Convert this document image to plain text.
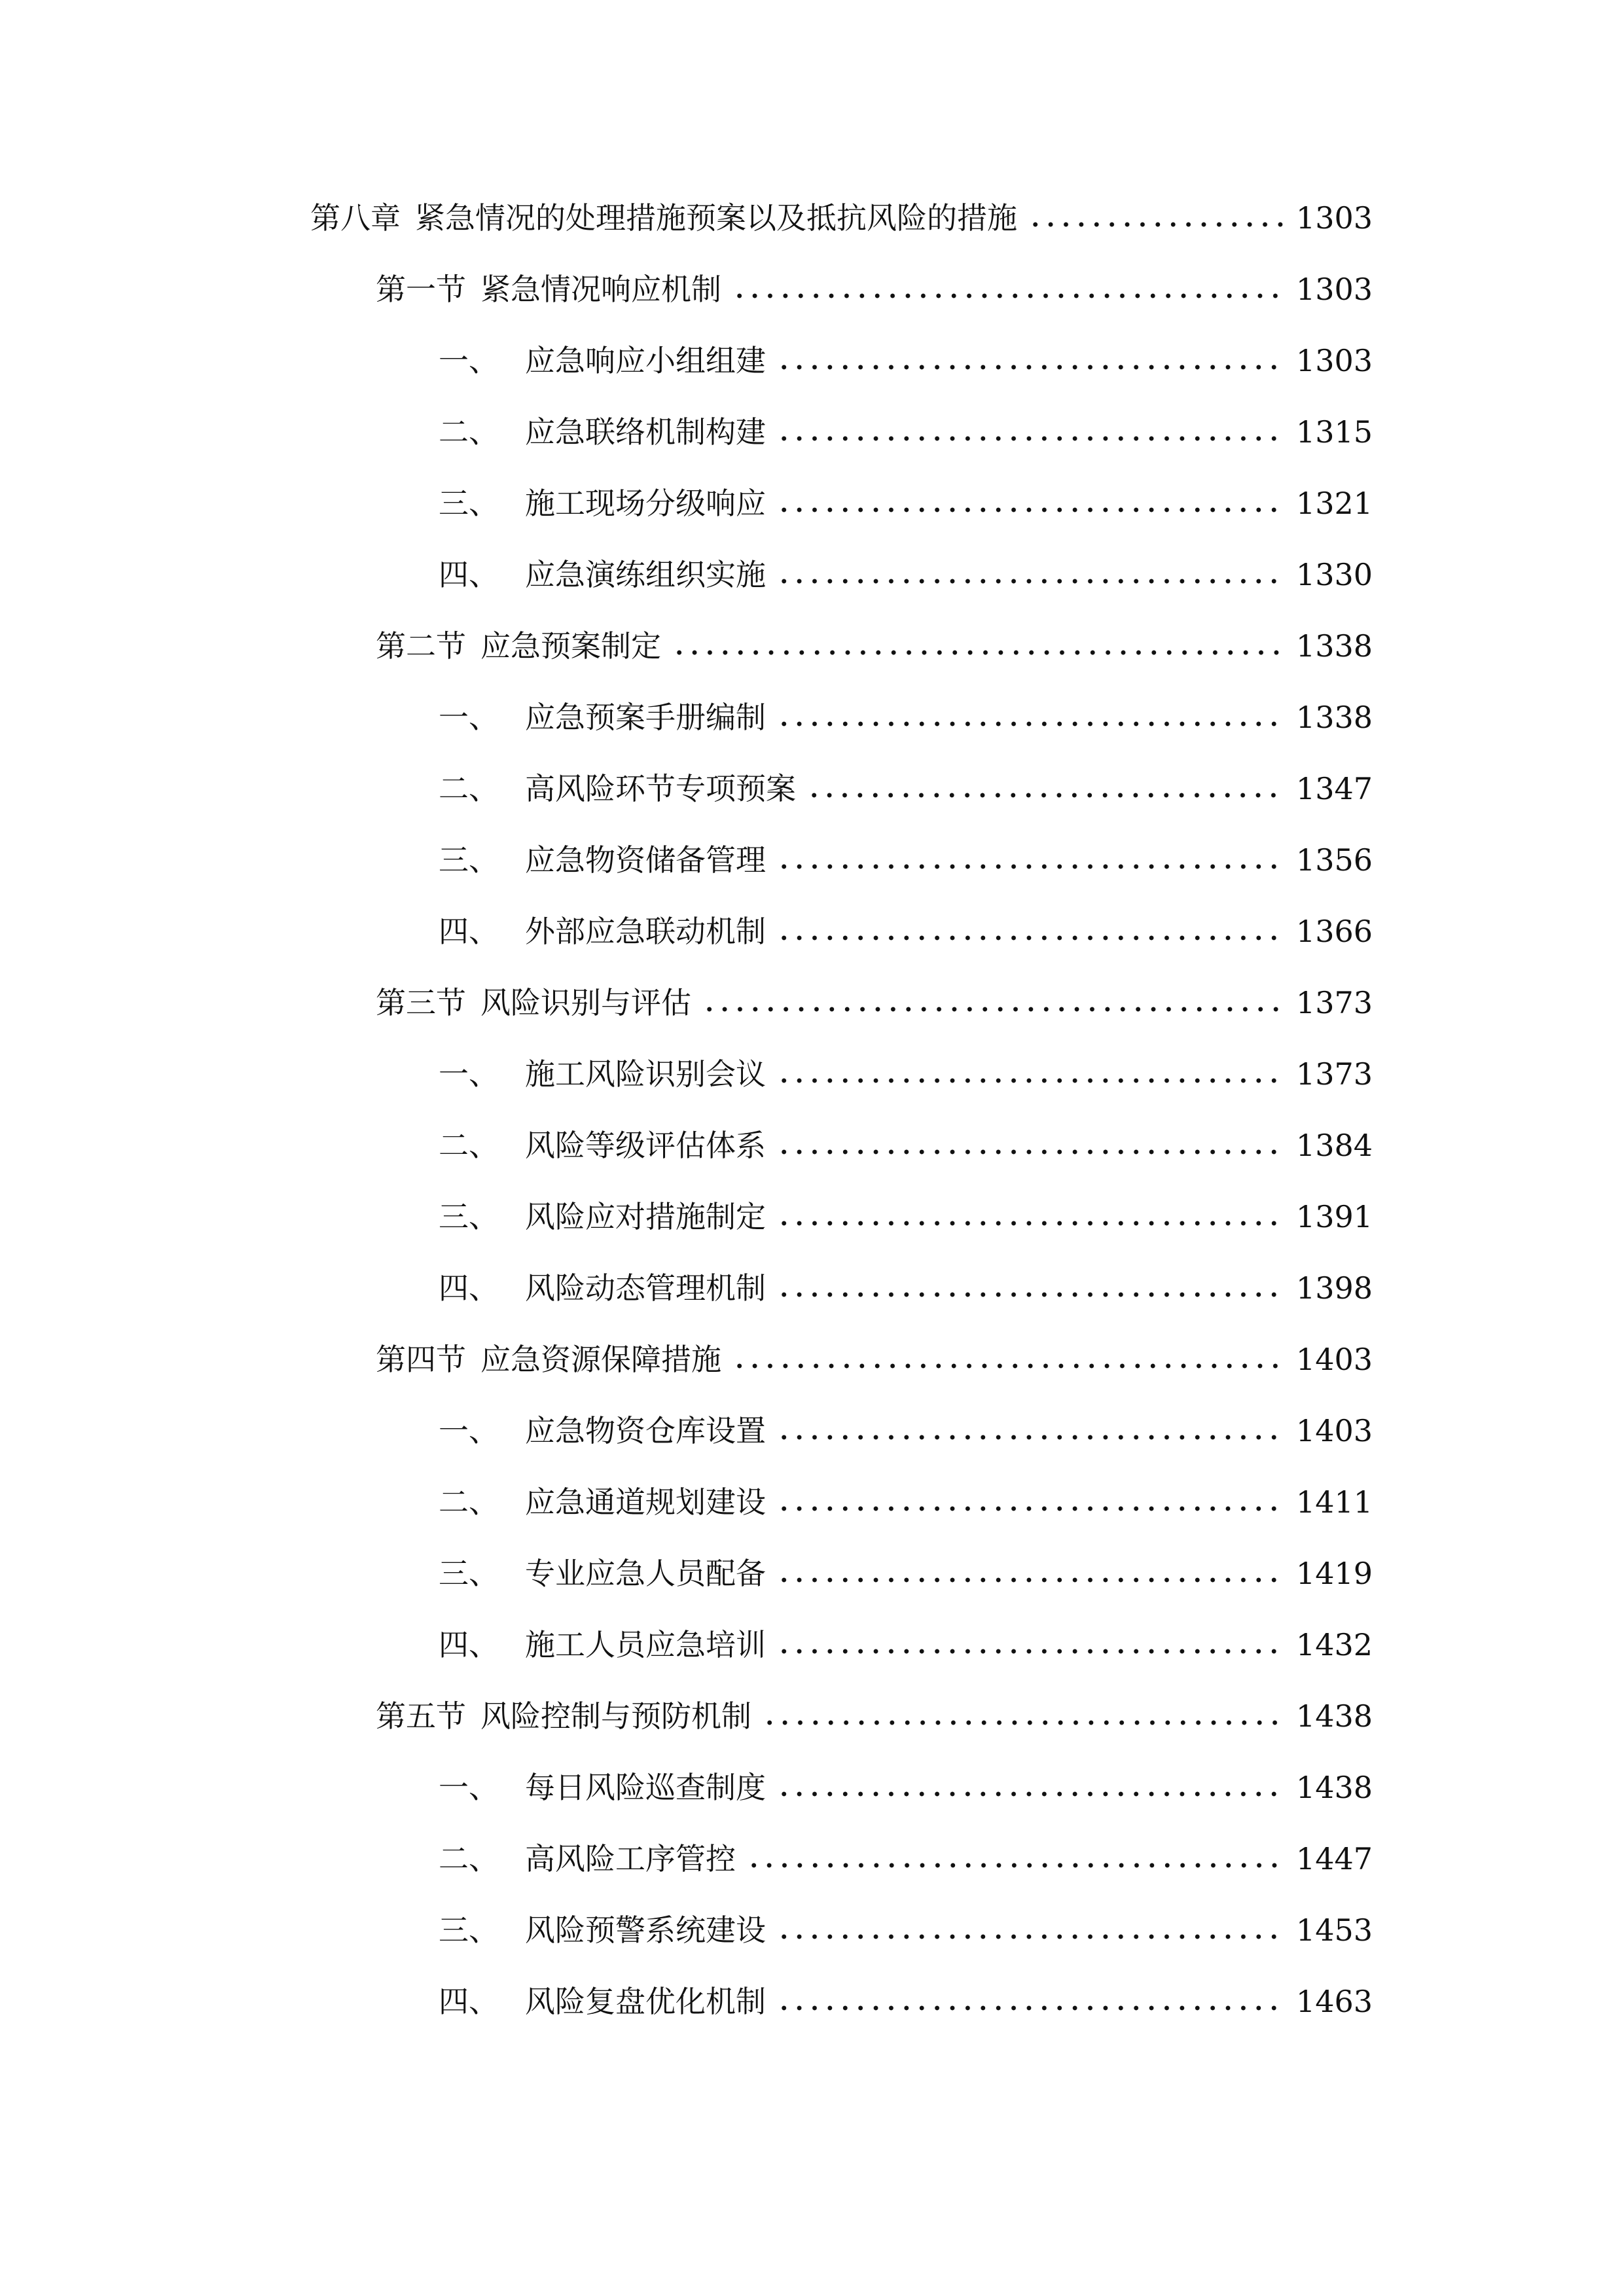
第八章 紧急情况的处理措施预案以及抵抗风险的措施	1303
第一节 紧急情况响应机制	1303
一、 应急响应小组组建	1303
二、 应急联络机制构建	1315
三、 施工现场分级响应	1321
四、 应急演练组织实施	1330
第二节 应急预案制定	1338
一、 应急预案手册编制	1338
二、 高风险环节专项预案	1347
三、 应急物资储备管理	1356
四、 外部应急联动机制	1366
第三节 风险识别与评估	1373
一、 施工风险识别会议	1373
二、 风险等级评估体系	1384
三、 风险应对措施制定	1391
四、 风险动态管理机制	1398
第四节 应急资源保障措施	1403
一、 应急物资仓库设置	1403
二、 应急通道规划建设	1411
三、 专业应急人员配备	1419
四、 施工人员应急培训	1432
第五节 风险控制与预防机制	1438
一、 每日风险巡查制度	1438
二、 高风险工序管控	1447
三、 风险预警系统建设	1453
四、 风险复盘优化机制	1463
